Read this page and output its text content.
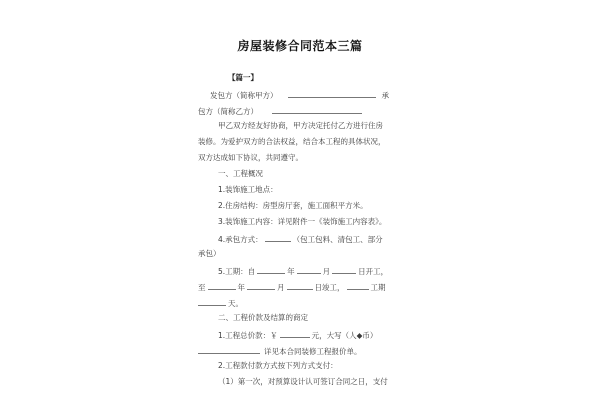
房屋装修合同范本三篇
【篇一】
发包方（简称甲方）	承
包方（简称乙方）
甲乙双方经友好协商，甲方决定托付乙方进行住房
装修。为爱护双方的合法权益，结合本工程的具体状况，
双方达成如下协议，共同遵守。
一、工程概况
1.装饰施工地点：
2.住房结构：房型房厅套，施工面积平方米。
3.装饰施工内容：详见附件一《装饰施工内容表》。
4.承包方式：	（包工包料、清包工、部分
承包）
5.工期：自	年	月	日开工，
至	年	月	日竣工，	工期
天。
二、工程价款及结算的商定
1.工程总价款：￥	元，大写（人◆币）
详见本合同装修工程报价单。
2.工程款付款方式按下列方式支付：
（1）第一次，对预算设计认可签订合同之日，支付
